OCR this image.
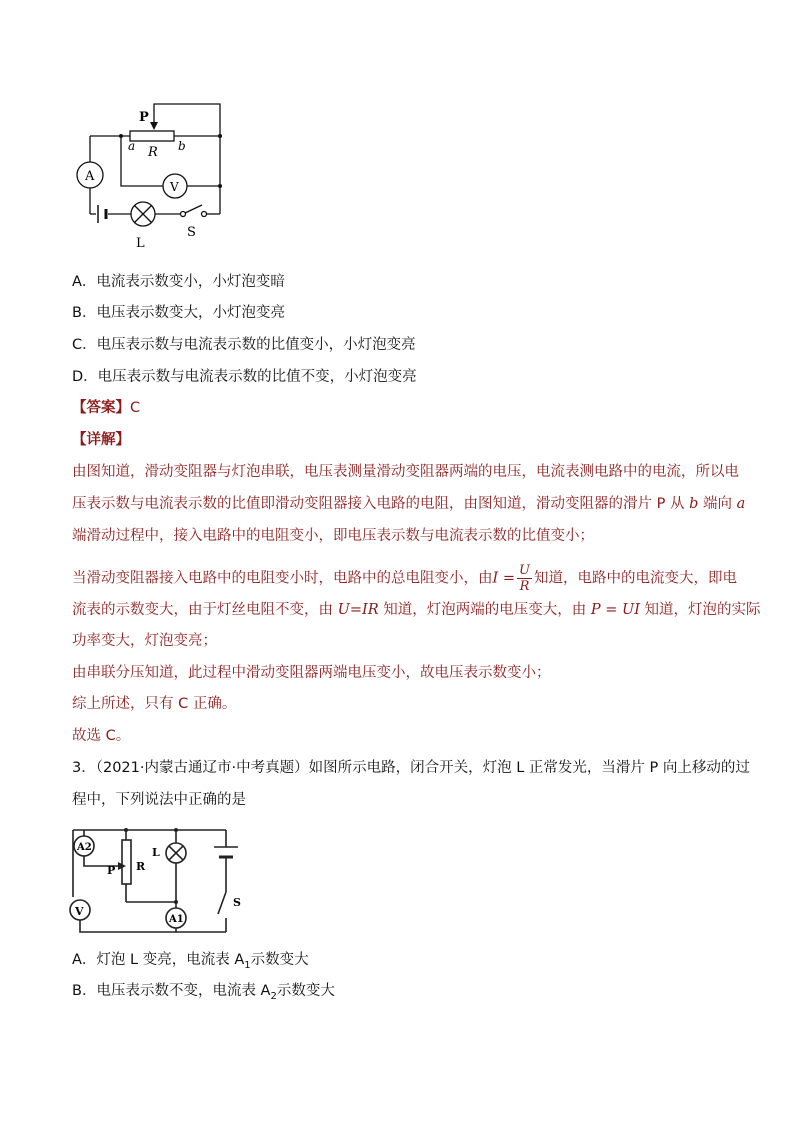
P
a R b
A
V
L
S
A．电流表示数变小，小灯泡变暗
B．电压表示数变大，小灯泡变亮
C．电压表示数与电流表示数的比值变小，小灯泡变亮
D．电压表示数与电流表示数的比值不变，小灯泡变亮
【答案】C
【详解】
由图知道，滑动变阻器与灯泡串联，电压表测量滑动变阻器两端的电压，电流表测电路中的电流，所以电
压表示数与电流表示数的比值即滑动变阻器接入电路的电阻，由图知道，滑动变阻器的滑片 P 从 b 端向 a
端滑动过程中，接入电路中的电阻变小，即电压表示数与电流表示数的比值变小；
当滑动变阻器接入电路中的电阻变小时，电路中的总电阻变小，由$I = \frac{U}{R}$ 知道，电路中的电流变大，即电
流表的示数变大，由于灯丝电阻不变，由 U=IR 知道，灯泡两端的电压变大，由 P = UI 知道，灯泡的实际
功率变大，灯泡变亮；
由串联分压知道，此过程中滑动变阻器两端电压变小，故电压表示数变小；
综上所述，只有 C 正确。
故选 C。
3．（2021·内蒙古通辽市·中考真题）如图所示电路，闭合开关，灯泡 L 正常发光，当滑片 P 向上移动的过
程中，下列说法中正确的是
A2
P R
L
V
A1
S
A．灯泡 L 变亮，电流表 $A_1$示数变大
B．电压表示数不变，电流表 $A_2$示数变大
